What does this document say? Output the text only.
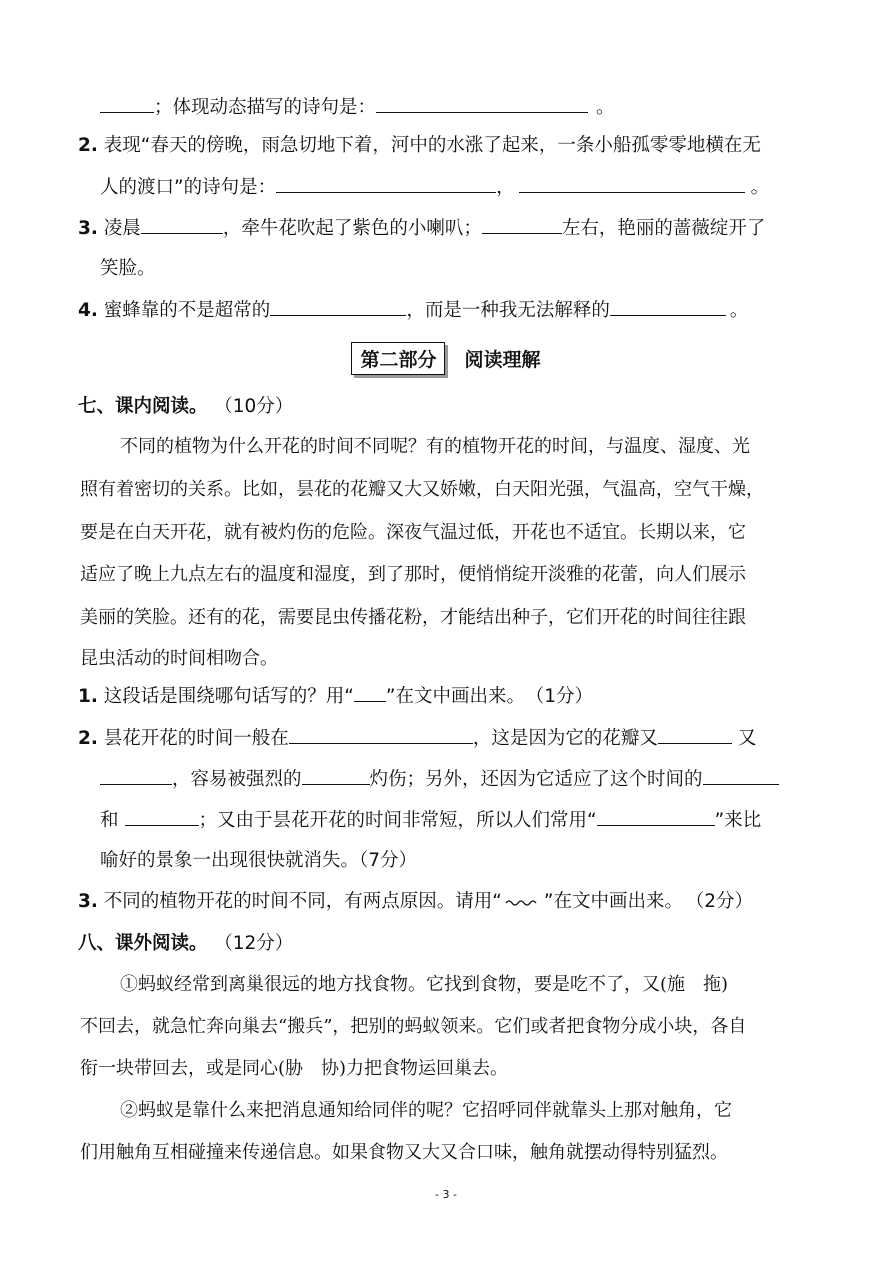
；体现动态描写的诗句是：	。
2. 表现“春天的傍晚，雨急切地下着，河中的水涨了起来，一条小船孤零零地横在无
人的渡口”的诗句是：	，	。
3. 凌晨	，牵牛花吹起了紫色的小喇叭；	左右，艳丽的蔷薇绽开了
笑脸。
4. 蜜蜂靠的不是超常的	，而是一种我无法解释的	。
第二部分 阅读理解
七、课内阅读。 （10分）
不同的植物为什么开花的时间不同呢？有的植物开花的时间，与温度、湿度、光
照有着密切的关系。比如，昙花的花瓣又大又娇嫩，白天阳光强，气温高，空气干燥，
要是在白天开花，就有被灼伤的危险。深夜气温过低，开花也不适宜。长期以来，它
适应了晚上九点左右的温度和湿度，到了那时，便悄悄绽开淡雅的花蕾，向人们展示
美丽的笑脸。还有的花，需要昆虫传播花粉，才能结出种子，它们开花的时间往往跟
昆虫活动的时间相吻合。
1. 这段话是围绕哪句话写的？用“ ”在文中画出来。 （1分）
2. 昙花开花的时间一般在	，这是因为它的花瓣又	又
，容易被强烈的	灼伤；另外，还因为它适应了这个时间的
和	；又由于昙花开花的时间非常短，所以人们常用“	”来比
喻好的景象一出现很快就消失。（7分）
3. 不同的植物开花的时间不同，有两点原因。请用“ ”在文中画出来。 （2分）
八、课外阅读。 （12分）
①蚂蚁经常到离巢很远的地方找食物。它找到食物，要是吃不了，又(施　拖)
不回去，就急忙奔向巢去“搬兵”，把别的蚂蚁领来。它们或者把食物分成小块，各自
衔一块带回去，或是同心(胁　协)力把食物运回巢去。
②蚂蚁是靠什么来把消息通知给同伴的呢？它招呼同伴就靠头上那对触角，它
们用触角互相碰撞来传递信息。如果食物又大又合口味，触角就摆动得特别猛烈。
- 3 -
